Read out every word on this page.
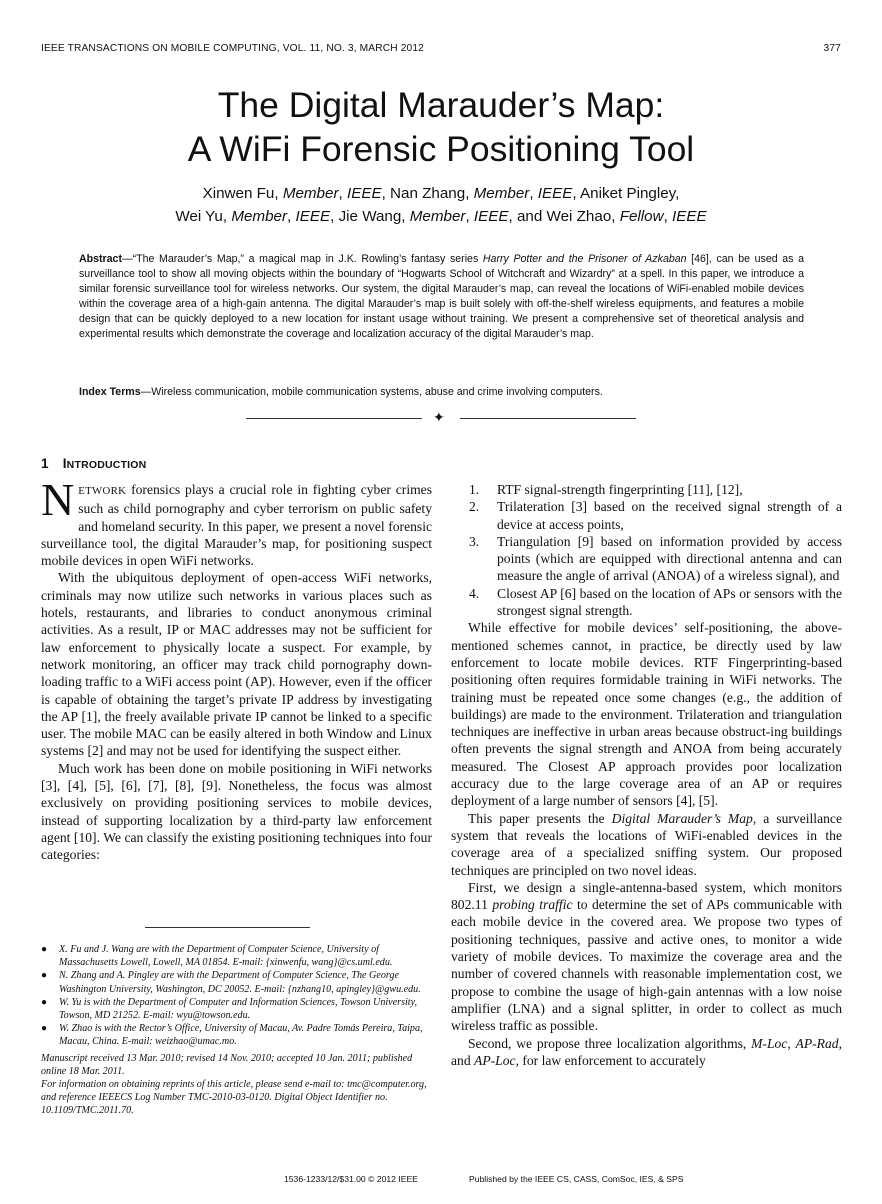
IEEE TRANSACTIONS ON MOBILE COMPUTING, VOL. 11, NO. 3, MARCH 2012	377
The Digital Marauder’s Map:
A WiFi Forensic Positioning Tool
Xinwen Fu, Member, IEEE, Nan Zhang, Member, IEEE, Aniket Pingley,
Wei Yu, Member, IEEE, Jie Wang, Member, IEEE, and Wei Zhao, Fellow, IEEE

Abstract—“The Marauder’s Map,” a magical map in J.K. Rowling’s fantasy series Harry Potter and the Prisoner of Azkaban [46], can be used as a surveillance tool to show all moving objects within the boundary of “Hogwarts School of Witchcraft and Wizardry” at a spell. In this paper, we introduce a similar forensic surveillance tool for wireless networks. Our system, the digital Marauder’s map, can reveal the locations of WiFi-enabled mobile devices within the coverage area of a high-gain antenna. The digital Marauder’s map is built solely with off-the-shelf wireless equipments, and features a mobile design that can be quickly deployed to a new location for instant usage without training. We present a comprehensive set of theoretical analysis and experimental results which demonstrate the coverage and localization accuracy of the digital Marauder’s map.

Index Terms—Wireless communication, mobile communication systems, abuse and crime involving computers.

✦
1 INTRODUCTION

NETWORK forensics plays a crucial role in fighting cyber crimes such as child pornography and cyber terrorism on public safety and homeland security. In this paper, we present a novel forensic surveillance tool, the digital Marauder’s map, for positioning suspect mobile devices in open WiFi networks.

With the ubiquitous deployment of open-access WiFi networks, criminals may now utilize such networks in various places such as hotels, restaurants, and libraries to conduct anonymous criminal activities. As a result, IP or MAC addresses may not be sufficient for law enforcement to physically locate a suspect. For example, by network monitoring, an officer may track child pornography down-loading traffic to a WiFi access point (AP). However, even if the officer is capable of obtaining the target’s private IP address by investigating the AP [1], the freely available private IP cannot be linked to a specific user. The mobile MAC can be easily altered in both Window and Linux systems [2] and may not be used for identifying the suspect either.

Much work has been done on mobile positioning in WiFi networks [3], [4], [5], [6], [7], [8], [9]. Nonetheless, the focus was almost exclusively on providing positioning services to mobile devices, instead of supporting localization by a third-party law enforcement agent [10]. We can classify the existing positioning techniques into four categories:

● X. Fu and J. Wang are with the Department of Computer Science, University of Massachusetts Lowell, Lowell, MA 01854. E-mail: {xinwenfu, wang}@cs.uml.edu.
● N. Zhang and A. Pingley are with the Department of Computer Science, The George Washington University, Washington, DC 20052. E-mail: {nzhang10, apingley}@gwu.edu.
● W. Yu is with the Department of Computer and Information Sciences, Towson University, Towson, MD 21252. E-mail: wyu@towson.edu.
● W. Zhao is with the Rector’s Office, University of Macau, Av. Padre Tomás Pereira, Taipa, Macau, China. E-mail: weizhao@umac.mo.

Manuscript received 13 Mar. 2010; revised 14 Nov. 2010; accepted 10 Jan. 2011; published online 18 Mar. 2011.

For information on obtaining reprints of this article, please send e-mail to: tmc@computer.org, and reference IEEECS Log Number TMC-2010-03-0120. Digital Object Identifier no. 10.1109/TMC.2011.70.

1. RTF signal-strength fingerprinting [11], [12],
2. Trilateration [3] based on the received signal strength of a device at access points,
3. Triangulation [9] based on information provided by access points (which are equipped with directional antenna and can measure the angle of arrival (ANOA) of a wireless signal), and
4. Closest AP [6] based on the location of APs or sensors with the strongest signal strength.

While effective for mobile devices’ self-positioning, the above-mentioned schemes cannot, in practice, be directly used by law enforcement to locate mobile devices. RTF Fingerprinting-based positioning often requires formidable training in WiFi networks. The training must be repeated once some changes (e.g., the addition of buildings) are made to the environment. Trilateration and triangulation techniques are ineffective in urban areas because obstruct-ing buildings often prevents the signal strength and ANOA from being accurately measured. The Closest AP approach provides poor localization accuracy due to the large coverage area of an AP or requires deployment of a large number of sensors [4], [5].

This paper presents the Digital Marauder’s Map, a surveillance system that reveals the locations of WiFi-enabled devices in the coverage area of a specialized sniffing system. Our proposed techniques are principled on two novel ideas.

First, we design a single-antenna-based system, which monitors 802.11 probing traffic to determine the set of APs communicable with each mobile device in the covered area. We propose two types of positioning techniques, passive and active ones, to monitor a wide variety of mobile devices. To maximize the coverage area and the number of covered channels with reasonable implementation cost, we propose to combine the usage of high-gain antennas with a low noise amplifier (LNA) and a signal splitter, in order to collect as much wireless traffic as possible.

Second, we propose three localization algorithms, M-Loc, AP-Rad, and AP-Loc, for law enforcement to accurately

1536-1233/12/$31.00 © 2012 IEEE	Published by the IEEE CS, CASS, ComSoc, IES, & SPS
